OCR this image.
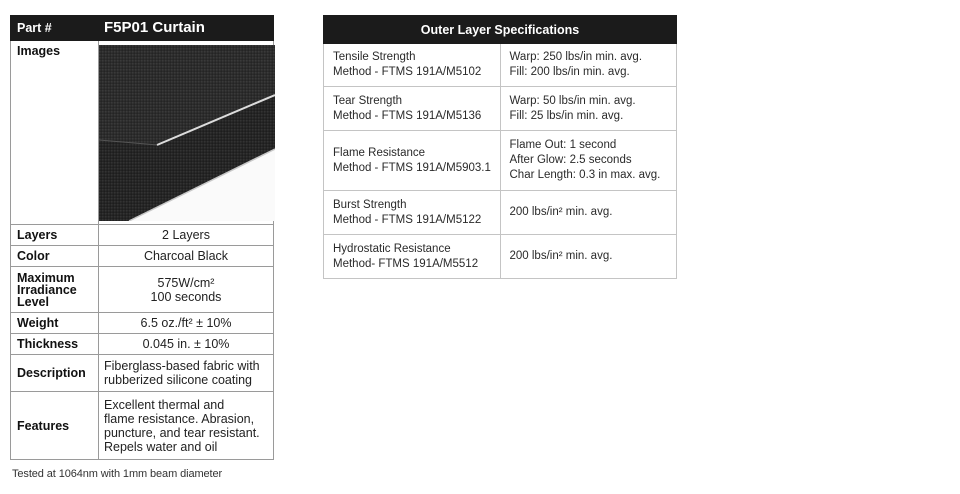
Part #	F5P01 Curtain
Images	

Layers	2 Layers
Color	Charcoal Black

Maximum
Irradiance
Level	575W/cm²
100 seconds

Weight	6.5 oz./ft² ± 10%
Thickness	0.045 in. ± 10%
Description	Fiberglass-based fabric with
rubberized silicone coating

Features	Excellent thermal and
flame resistance. Abrasion,
puncture, and tear resistant.
Repels water and oil
Tested at 1064nm with 1mm beam diameter
Outer Layer Specifications	

Tensile Strength
Method - FTMS 191A/M5102	Warp: 250 lbs/in min. avg.
Fill: 200 lbs/in min. avg.

Tear Strength
Method - FTMS 191A/M5136	Warp: 50 lbs/in min. avg.
Fill: 25 lbs/in min. avg.

Flame Resistance
Method - FTMS 191A/M5903.1	Flame Out: 1 second
After Glow: 2.5 seconds
Char Length: 0.3 in max. avg.

Burst Strength
Method - FTMS 191A/M5122	200 lbs/in² min. avg.

Hydrostatic Resistance
Method- FTMS 191A/M5512	200 lbs/in² min. avg.
